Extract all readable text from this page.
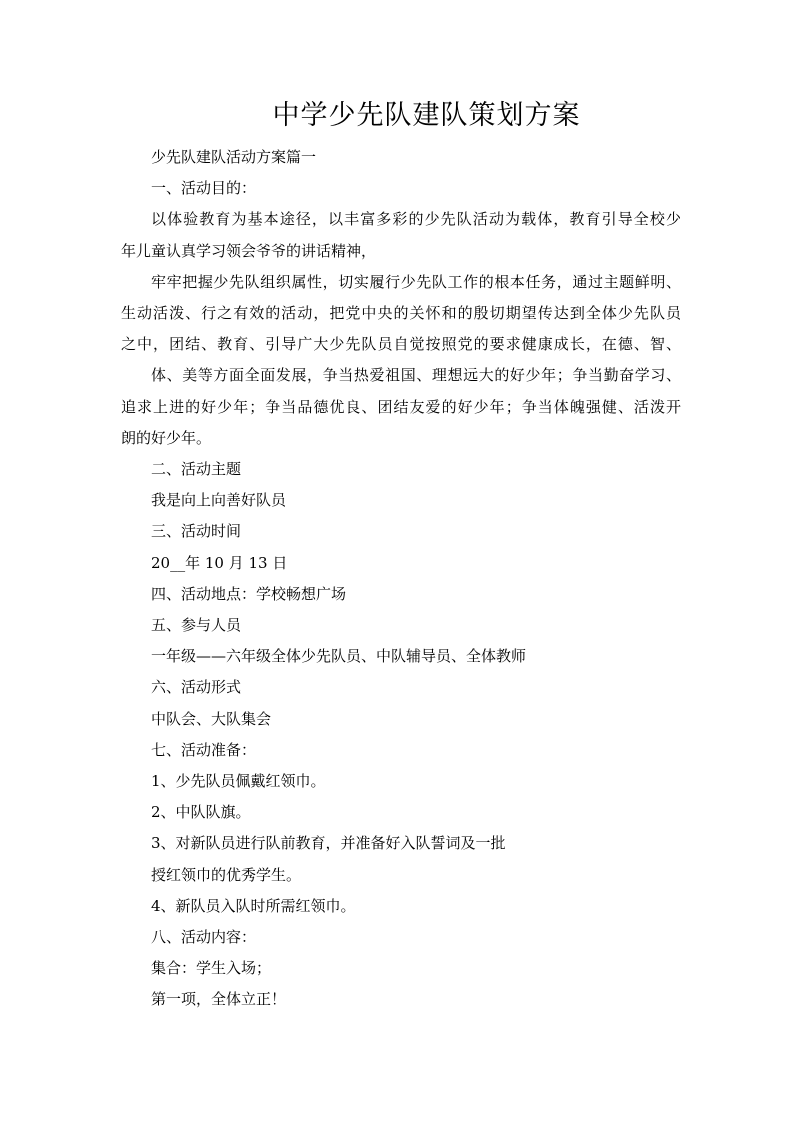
中学少先队建队策划方案

少先队建队活动方案篇一

一、活动目的：

以体验教育为基本途径，以丰富多彩的少先队活动为载体，教育引导全校少

年儿童认真学习领会爷爷的讲话精神，

牢牢把握少先队组织属性，切实履行少先队工作的根本任务，通过主题鲜明、

生动活泼、行之有效的活动，把党中央的关怀和的殷切期望传达到全体少先队员

之中，团结、教育、引导广大少先队员自觉按照党的要求健康成长，在德、智、

体、美等方面全面发展，争当热爱祖国、理想远大的好少年；争当勤奋学习、

追求上进的好少年；争当品德优良、团结友爱的好少年；争当体魄强健、活泼开

朗的好少年。

二、活动主题

我是向上向善好队员

三、活动时间

20__年 10 月 13 日

四、活动地点：学校畅想广场

五、参与人员

一年级——六年级全体少先队员、中队辅导员、全体教师

六、活动形式

中队会、大队集会

七、活动准备：

1、少先队员佩戴红领巾。

2、中队队旗。

3、对新队员进行队前教育，并准备好入队誓词及一批

授红领巾的优秀学生。

4、新队员入队时所需红领巾。

八、活动内容：

集合：学生入场；

第一项，全体立正！
